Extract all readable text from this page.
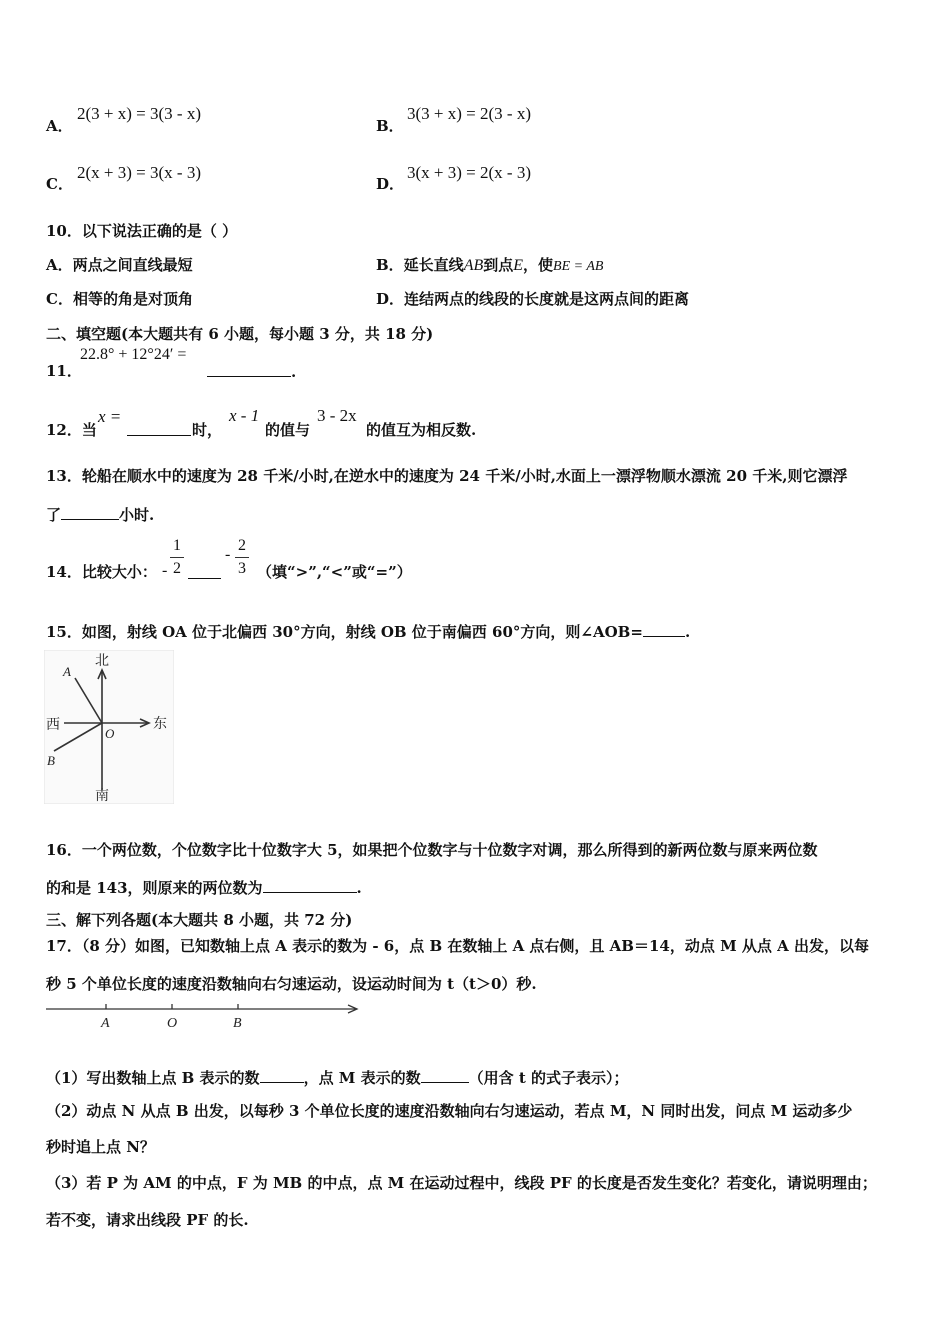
A．
2(3 + x) = 3(3 - x)
B．
3(3 + x) = 2(3 - x)
C．
2(x + 3) = 3(x - 3)
D．
3(x + 3) = 2(x - 3)
10．以下说法正确的是（ ）
A．两点之间直线最短	B．延长直线AB到点E，使BE = AB
C．相等的角是对顶角	D．连结两点的线段的长度就是这两点间的距离
二、填空题(本大题共有 6 小题，每小题 3 分，共 18 分)
11．
22.8° + 12°24′ =
.
12．当
x =
时，
x - 1
的值与
3 - 2x
的值互为相反数.
13．轮船在顺水中的速度为 28 千米/小时,在逆水中的速度为 24 千米/小时,水面上一漂浮物顺水漂流 20 千米,则它漂浮
了	小时.
14．比较大小： -
1
2
-
2
3 （填“>”,“<”或“=”）
15．如图，射线 OA 位于北偏西 30°方向，射线 OB 位于南偏西 60°方向，则∠AOB=	.
北
南
东
西
A
B
O
16．一个两位数，个位数字比十位数字大 5，如果把个位数字与十位数字对调，那么所得到的新两位数与原来两位数
的和是 143，则原来的两位数为	.
三、解下列各题(本大题共 8 小题，共 72 分)
17．（8 分）如图，已知数轴上点 A 表示的数为 - 6，点 B 在数轴上 A 点右侧，且 AB＝14，动点 M 从点 A 出发，以每
秒 5 个单位长度的速度沿数轴向右匀速运动，设运动时间为 t（t＞0）秒.
A	O	B
（1）写出数轴上点 B 表示的数	，点 M 表示的数	（用含 t 的式子表示）；
（2）动点 N 从点 B 出发，以每秒 3 个单位长度的速度沿数轴向右匀速运动，若点 M，N 同时出发，问点 M 运动多少
秒时追上点 N？
（3）若 P 为 AM 的中点，F 为 MB 的中点，点 M 在运动过程中，线段 PF 的长度是否发生变化？若变化，请说明理由；
若不变，请求出线段 PF 的长.
